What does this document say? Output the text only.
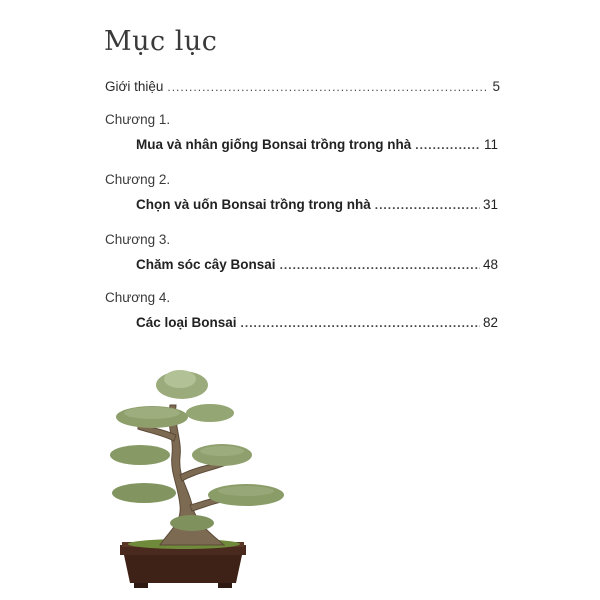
Mục lục
Giới thiệu .....	5
Chương 1.
Mua và nhân giống Bonsai trồng trong nhà .....	11
Chương 2.
Chọn và uốn Bonsai trồng trong nhà .....	31
Chương 3.
Chăm sóc cây Bonsai .....	48
Chương 4.
Các loại Bonsai .....	82
